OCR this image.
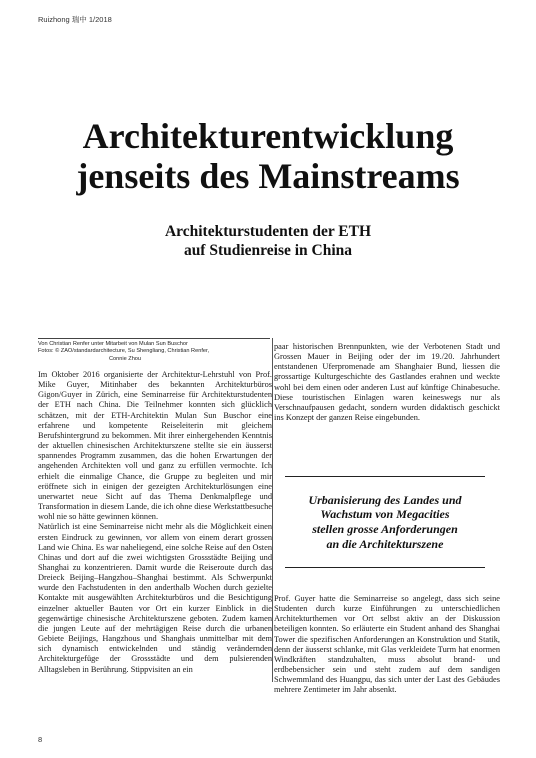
Ruizhong 瑞中 1/2018
Architekturentwicklung
jenseits des Mainstreams
Architekturstudenten der ETH
auf Studienreise in China
Von Christian Renfer unter Mitarbeit von Mulan Sun Buschor
Fotos: © ZAO/standardarchitecture, Su Shengliang, Christian Renfer,
Connie Zhou

Im Oktober 2016 organisierte der Architektur-Lehrstuhl von Prof. Mike Guyer, Mitinhaber des bekannten Architekturbüros Gigon/Guyer in Zürich, eine Seminarreise für Architekturstudenten der ETH nach China. Die Teilnehmer konnten sich glücklich schätzen, mit der ETH-Architektin Mulan Sun Buschor eine erfahrene und kompetente Reiseleiterin mit gleichem Berufshintergrund zu bekommen. Mit ihrer einhergehenden Kenntnis der aktuellen chinesischen Architekturszene stellte sie ein äusserst spannendes Programm zusammen, das die hohen Erwartungen der angehenden Architekten voll und ganz zu erfüllen vermochte. Ich erhielt die einmalige Chance, die Gruppe zu begleiten und mir eröffnete sich in einigen der gezeigten Architekturlösungen eine unerwartet neue Sicht auf das Thema Denkmalpflege und Transformation in diesem Lande, die ich ohne diese Werkstattbesuche wohl nie so hätte gewinnen können.

Natürlich ist eine Seminarreise nicht mehr als die Möglichkeit einen ersten Eindruck zu gewinnen, vor allem von einem derart grossen Land wie China. Es war naheliegend, eine solche Reise auf den Osten Chinas und dort auf die zwei wichtigsten Grossstädte Beijing und Shanghai zu konzentrieren. Damit wurde die Reiseroute durch das Dreieck Beijing–Hangzhou–Shanghai bestimmt. Als Schwerpunkt wurde den Fachstudenten in den anderthalb Wochen durch gezielte Kontakte mit ausgewählten Architekturbüros und die Besichtigung einzelner aktueller Bauten vor Ort ein kurzer Einblick in die gegenwärtige chinesische Architekturszene geboten. Zudem kamen die jungen Leute auf der mehrtägigen Reise durch die urbanen Gebiete Beijings, Hangzhous und Shanghais unmittelbar mit dem sich dynamisch entwickelnden und ständig verändernden Architekturgefüge der Grossstädte und dem pulsierenden Alltagsleben in Berührung. Stippvisiten an ein

paar historischen Brennpunkten, wie der Verbotenen Stadt und Grossen Mauer in Beijing oder der im 19./20. Jahrhundert entstandenen Uferpromenade am Shanghaier Bund, liessen die grossartige Kulturgeschichte des Gastlandes erahnen und weckte wohl bei dem einen oder anderen Lust auf künftige Chinabesuche. Diese touristischen Einlagen waren keineswegs nur als Verschnaufpausen gedacht, sondern wurden didaktisch geschickt ins Konzept der ganzen Reise eingebunden.

Urbanisierung des Landes und
Wachstum von Megacities
stellen grosse Anforderungen
an die Architekturszene

Prof. Guyer hatte die Seminarreise so angelegt, dass sich seine Studenten durch kurze Einführungen zu unterschiedlichen Architekturthemen vor Ort selbst aktiv an der Diskussion beteiligen konnten. So erläuterte ein Student anhand des Shanghai Tower die spezifischen Anforderungen an Konstruktion und Statik, denn der äusserst schlanke, mit Glas verkleidete Turm hat enormen Windkräften standzuhalten, muss absolut brand- und erdbebensicher sein und steht zudem auf dem sandigen Schwemmland des Huangpu, das sich unter der Last des Gebäudes mehrere Zentimeter im Jahr absenkt.

8
